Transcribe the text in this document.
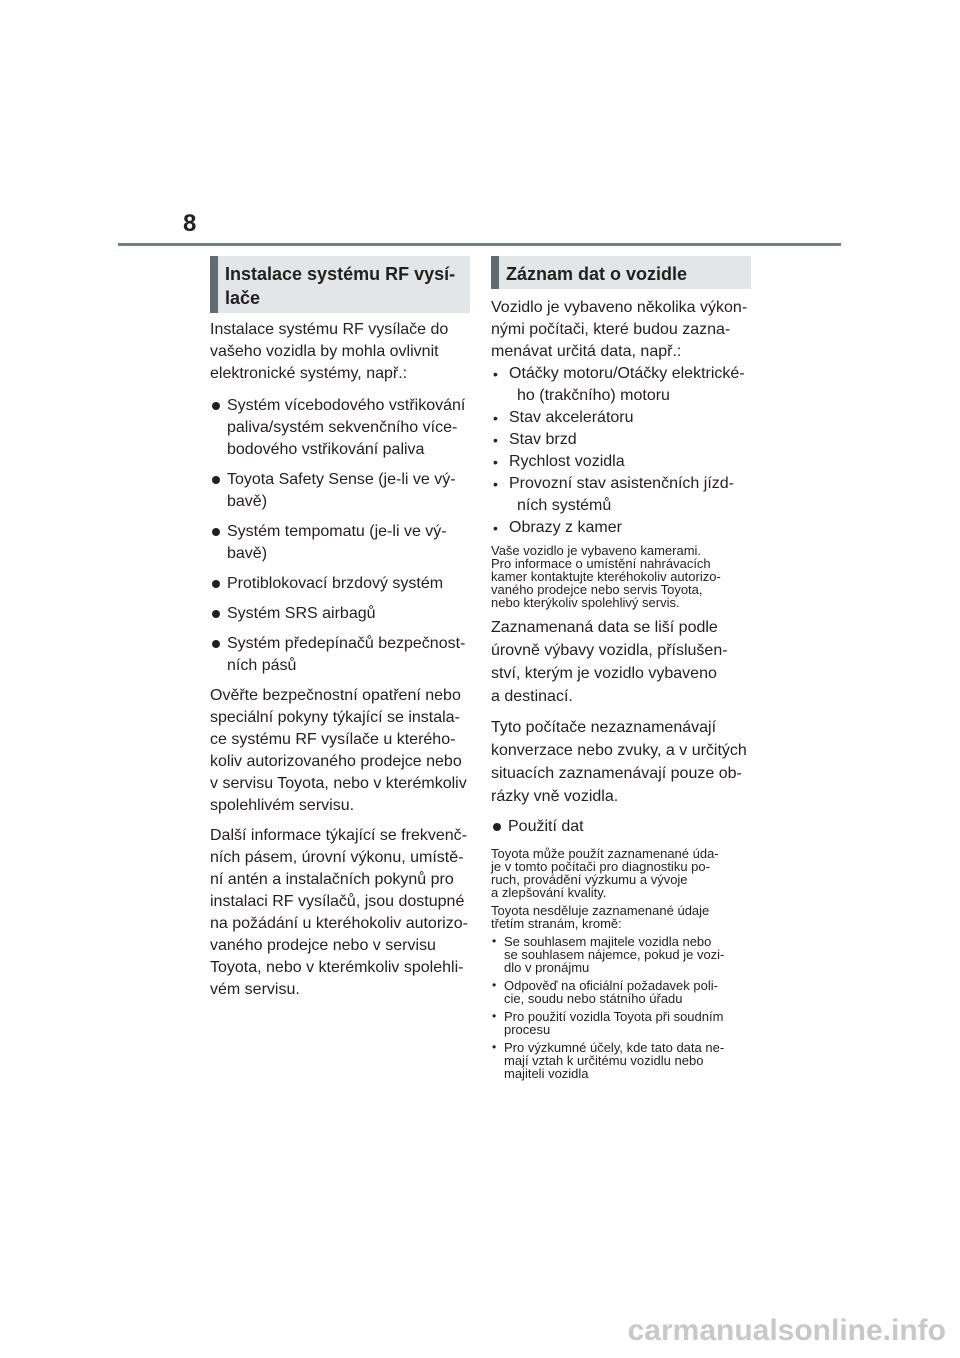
8
Instalace systému RF vysí-
lače
Instalace systému RF vysílače do
vašeho vozidla by mohla ovlivnit
elektronické systémy, např.:
Systém vícebodového vstřikování
paliva/systém sekvenčního více-
bodového vstřikování paliva
Toyota Safety Sense (je-li ve vý-
bavě)
Systém tempomatu (je-li ve vý-
bavě)
Protiblokovací brzdový systém
Systém SRS airbagů
Systém předepínačů bezpečnost-
ních pásů
Ověřte bezpečnostní opatření nebo
speciální pokyny týkající se instala-
ce systému RF vysílače u kterého-
koliv autorizovaného prodejce nebo
v servisu Toyota, nebo v kterémkoliv
spolehlivém servisu.
Další informace týkající se frekvenč-
ních pásem, úrovní výkonu, umístě-
ní antén a instalačních pokynů pro
instalaci RF vysílačů, jsou dostupné
na požádání u kteréhokoliv autorizo-
vaného prodejce nebo v servisu
Toyota, nebo v kterémkoliv spolehli-
vém servisu.
Záznam dat o vozidle
Vozidlo je vybaveno několika výkon-
nými počítači, které budou zazna-
menávat určitá data, např.:
• Otáčky motoru/Otáčky elektrické-
ho (trakčního) motoru
• Stav akcelerátoru
• Stav brzd
• Rychlost vozidla
• Provozní stav asistenčních jízd-
ních systémů
• Obrazy z kamer
Vaše vozidlo je vybaveno kamerami.
Pro informace o umístění nahrávacích
kamer kontaktujte kteréhokoliv autorizo-
vaného prodejce nebo servis Toyota,
nebo kterýkoliv spolehlivý servis.
Zaznamenaná data se liší podle
úrovně výbavy vozidla, příslušen-
ství, kterým je vozidlo vybaveno
a destinací.
Tyto počítače nezaznamenávají
konverzace nebo zvuky, a v určitých
situacích zaznamenávají pouze ob-
rázky vně vozidla.
Použití dat
Toyota může použít zaznamenané úda-
je v tomto počítači pro diagnostiku po-
ruch, provádění výzkumu a vývoje
a zlepšování kvality.
Toyota nesděluje zaznamenané údaje
třetím stranám, kromě:
• Se souhlasem majitele vozidla nebo
se souhlasem nájemce, pokud je vozi-
dlo v pronájmu
• Odpověď na oficiální požadavek poli-
cie, soudu nebo státního úřadu
• Pro použití vozidla Toyota při soudním
procesu
• Pro výzkumné účely, kde tato data ne-
mají vztah k určitému vozidlu nebo
majiteli vozidla
carmanualsonline.info
